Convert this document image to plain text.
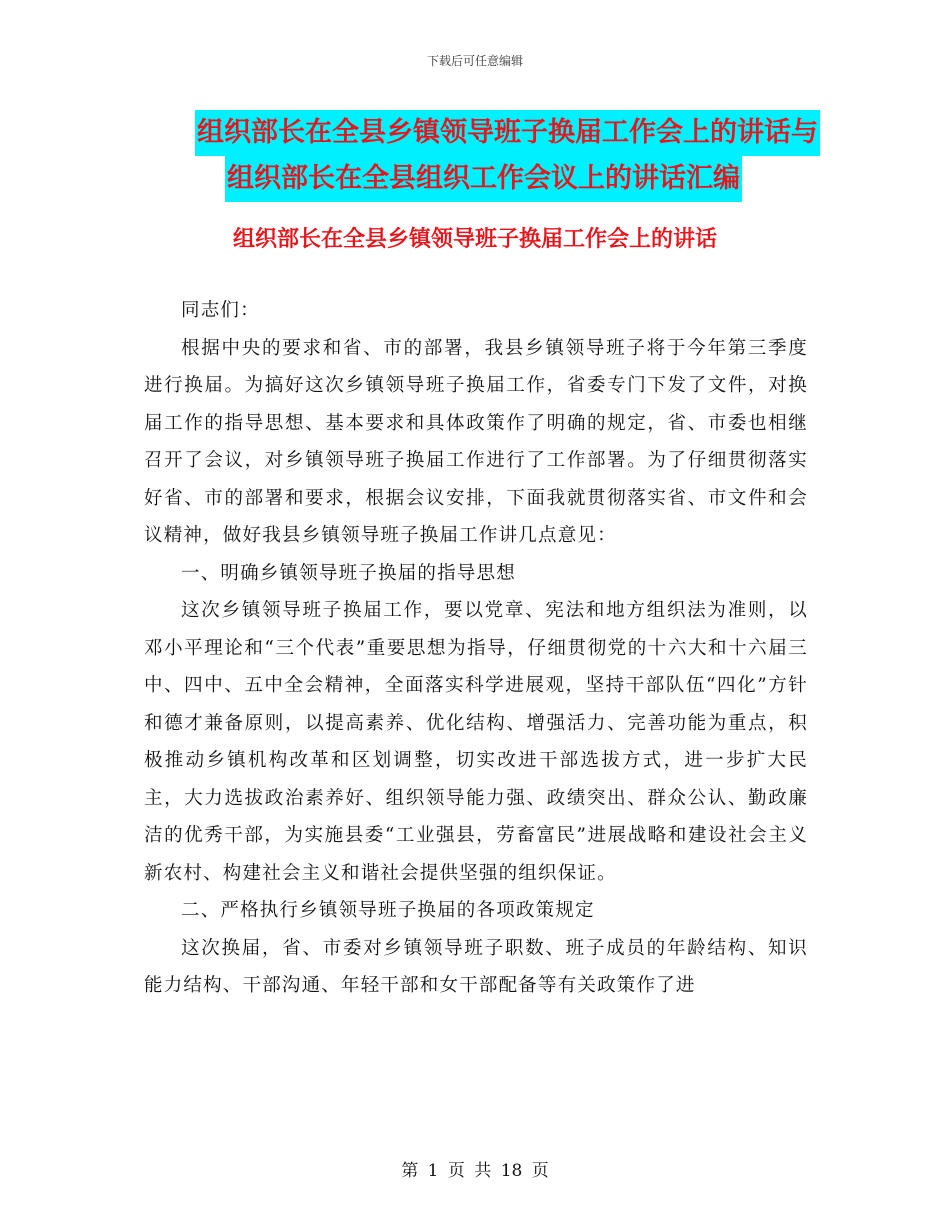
下载后可任意编辑
组织部长在全县乡镇领导班子换届工作会上的讲话与
组织部长在全县组织工作会议上的讲话汇编
组织部长在全县乡镇领导班子换届工作会上的讲话

同志们：

根据中央的要求和省、市的部署，我县乡镇领导班子将于今年第三季度进行换届。为搞好这次乡镇领导班子换届工作，省委专门下发了文件，对换届工作的指导思想、基本要求和具体政策作了明确的规定，省、市委也相继召开了会议，对乡镇领导班子换届工作进行了工作部署。为了仔细贯彻落实好省、市的部署和要求，根据会议安排，下面我就贯彻落实省、市文件和会议精神，做好我县乡镇领导班子换届工作讲几点意见：

一、明确乡镇领导班子换届的指导思想

这次乡镇领导班子换届工作，要以党章、宪法和地方组织法为准则，以邓小平理论和“三个代表”重要思想为指导，仔细贯彻党的十六大和十六届三中、四中、五中全会精神，全面落实科学进展观，坚持干部队伍“四化”方针和德才兼备原则，以提高素养、优化结构、增强活力、完善功能为重点，积极推动乡镇机构改革和区划调整，切实改进干部选拔方式，进一步扩大民主，大力选拔政治素养好、组织领导能力强、政绩突出、群众公认、勤政廉洁的优秀干部，为实施县委“工业强县，劳畜富民”进展战略和建设社会主义新农村、构建社会主义和谐社会提供坚强的组织保证。

二、严格执行乡镇领导班子换届的各项政策规定

这次换届，省、市委对乡镇领导班子职数、班子成员的年龄结构、知识能力结构、干部沟通、年轻干部和女干部配备等有关政策作了进

第 1 页 共 18 页
